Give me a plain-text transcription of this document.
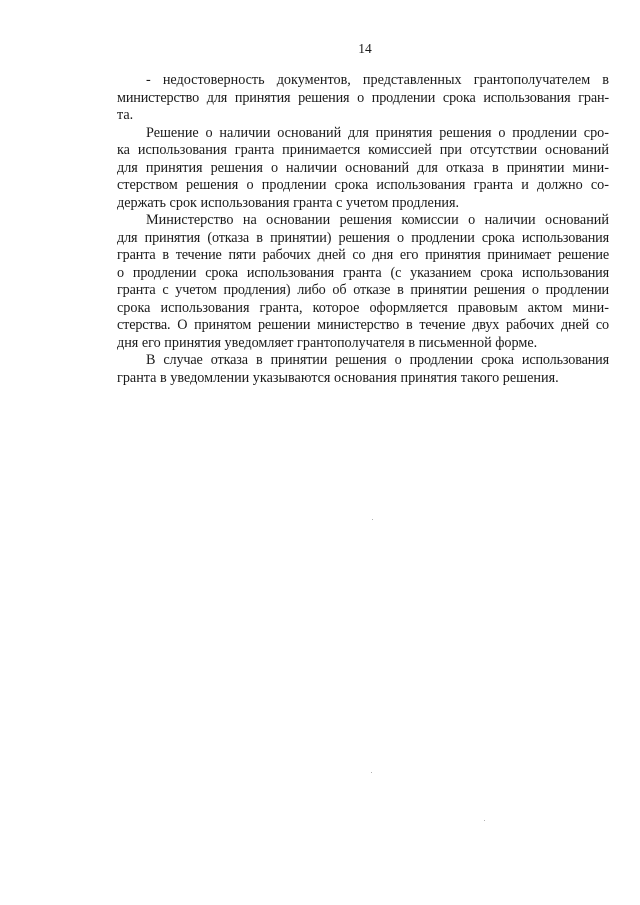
14
- недостоверность документов, представленных грантополучателем в
министерство для принятия решения о продлении срока использования гран-
та.
Решение о наличии оснований для принятия решения о продлении сро-
ка использования гранта принимается комиссией при отсутствии оснований
для принятия решения о наличии оснований для отказа в принятии мини-
стерством решения о продлении срока использования гранта и должно со-
держать срок использования гранта с учетом продления.
Министерство на основании решения комиссии о наличии оснований
для принятия (отказа в принятии) решения о продлении срока использования
гранта в течение пяти рабочих дней со дня его принятия принимает решение
о продлении срока использования гранта (с указанием срока использования
гранта с учетом продления) либо об отказе в принятии решения о продлении
срока использования гранта, которое оформляется правовым актом мини-
стерства. О принятом решении министерство в течение двух рабочих дней со
дня его принятия уведомляет грантополучателя в письменной форме.
В случае отказа в принятии решения о продлении срока использования
гранта в уведомлении указываются основания принятия такого решения.
